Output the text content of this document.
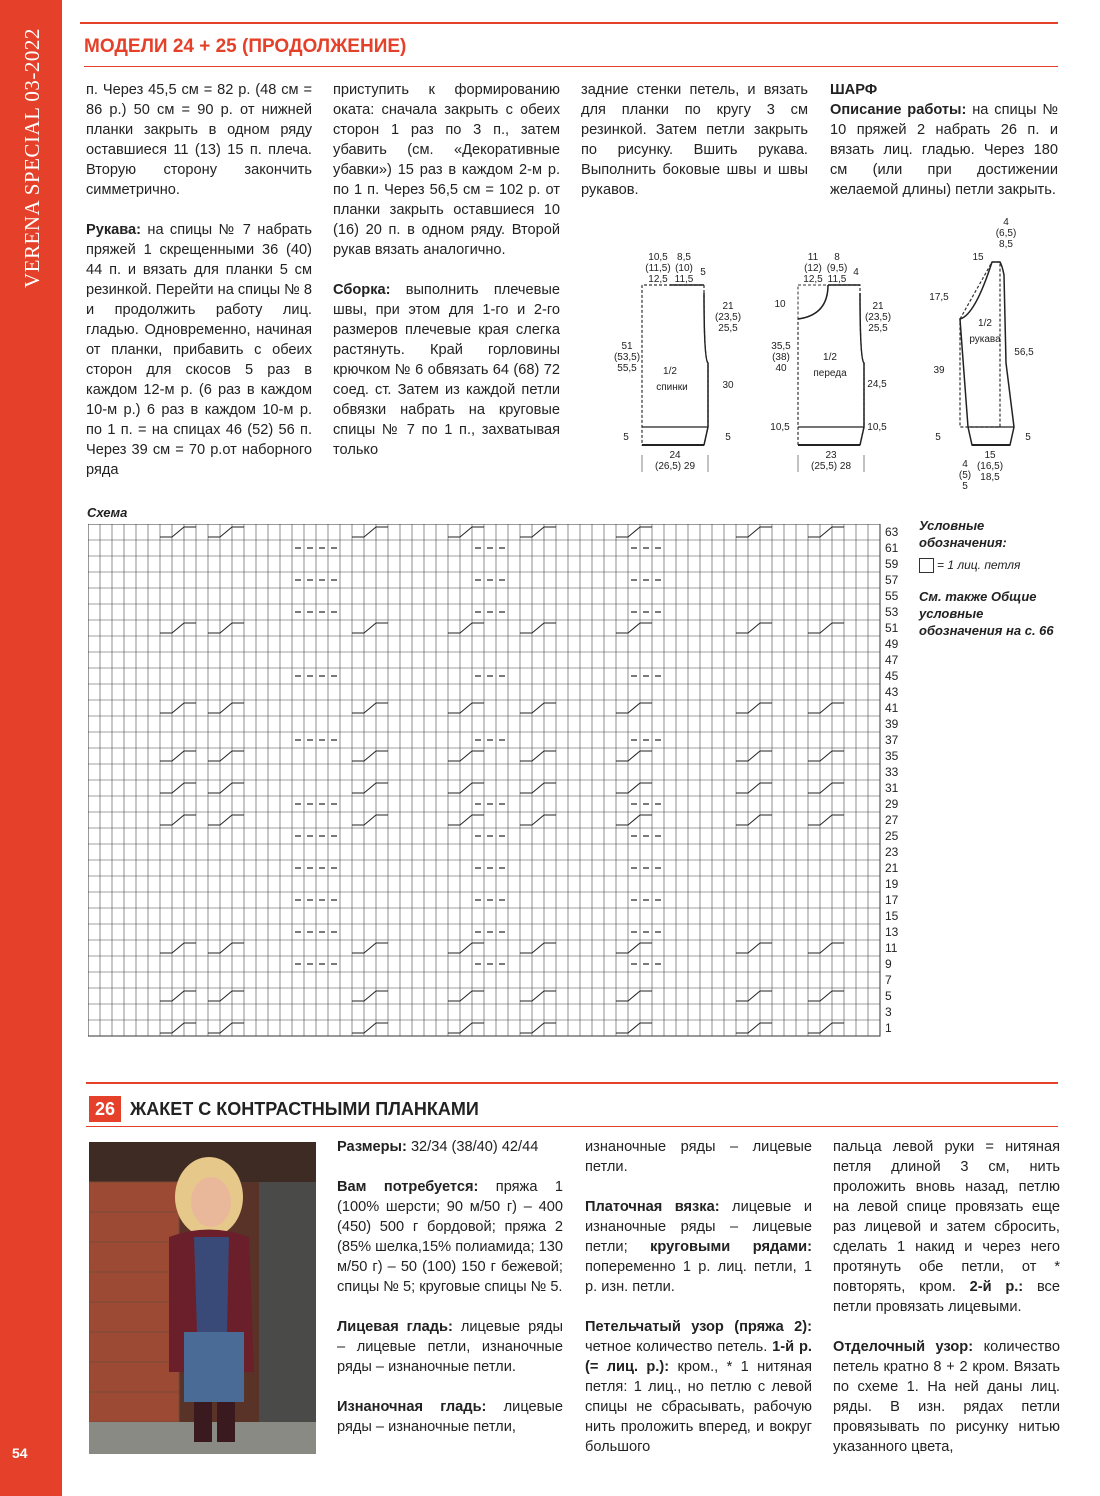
VERENA SPECIAL 03-2022
54
МОДЕЛИ 24 + 25 (ПРОДОЛЖЕНИЕ)

п. Через 45,5 см = 82 р. (48 см = 86 р.) 50 см = 90 р. от нижней планки закрыть в одном ряду оставшиеся 11 (13) 15 п. плеча. Вторую сторону закончить симметрично.

Рукава: на спицы № 7 набрать пряжей 1 скрещенными 36 (40) 44 п. и вязать для планки 5 см резинкой. Перейти на спицы № 8 и продолжить работу лиц. гладью. Одновременно, начиная от планки, прибавить с обеих сторон для скосов 5 раз в каждом 12-м р. (6 раз в каждом 10-м р.) 6 раз в каждом 10-м р. по 1 п. = на спицах 46 (52) 56 п. Через 39 см = 70 р.от наборного ряда

приступить к формированию оката: сначала закрыть с обеих сторон 1 раз по 3 п., затем убавить (см. «Декоративные убавки») 15 раз в каждом 2-м р. по 1 п. Через 56,5 см = 102 р. от планки закрыть оставшиеся 10 (16) 20 п. в одном ряду. Второй рукав вязать аналогично.

Сборка: выполнить плечевые швы, при этом для 1-го и 2-го размеров плечевые края слегка растянуть. Край горловины крючком № 6 обвязать 64 (68) 72 соед. ст. Затем из каждой петли обвязки набрать на круговые спицы № 7 по 1 п., захватывая только

задние стенки петель, и вязать для планки по кругу 3 см резинкой. Затем петли закрыть по рисунку. Вшить рукава. Выполнить боковые швы и швы рукавов.

ШАРФ

Описание работы: на спицы № 10 пряжей 2 набрать 26 п. и вязать лиц. гладью. Через 180 см (или при достижении желаемой длины) петли закрыть.

1/2
спинки
10,5
(11,5)
12,5
8,5
(10)
11,5
5
21
(23,5)
25,5
51
(53,5)
55,5
30
5	5
24
(26,5) 29
1/2
переда
11
(12)
12,5
8
(9,5)
11,5
4
10	21
(23,5)
25,5
35,5
(38)
40
24,5
10,5	10,5
23
(25,5) 28
1/2
рукава
4
(6,5)
8,5
15
17,5
39
56,5
5	5
15
(16,5)
18,5
4
(5)
5
Схема
63
61
59
57
55
53
51
49
47
45
43
41
39
37
35
33
31
29
27
25
23
21
19
17
15
13
11
9
7
5
3
1
Условные обозначения:
= 1 лиц. петля
См. также Общие условные обозначения на с. 66
26 ЖАКЕТ С КОНТРАСТНЫМИ ПЛАНКАМИ

Размеры: 32/34 (38/40) 42/44

Вам потребуется: пряжа 1 (100% шерсти; 90 м/50 г) – 400 (450) 500 г бордовой; пряжа 2 (85% шелка,15% полиамида; 130 м/50 г) – 50 (100) 150 г бежевой; спицы № 5; круговые спицы № 5.

Лицевая гладь: лицевые ряды – лицевые петли, изнаночные ряды – изнаночные петли.

Изнаночная гладь: лицевые ряды – изнаночные петли,

изнаночные ряды – лицевые петли.

Платочная вязка: лицевые и изнаночные ряды – лицевые петли; круговыми рядами: попеременно 1 р. лиц. петли, 1 р. изн. петли.

Петельчатый узор (пряжа 2): четное количество петель. 1-й р. (= лиц. р.): кром., * 1 нитяная петля: 1 лиц., но петлю с левой спицы не сбрасывать, рабочую нить проложить вперед, и вокруг большого

пальца левой руки = нитяная петля длиной 3 см, нить проложить вновь назад, петлю на левой спице провязать еще раз лицевой и затем сбросить, сделать 1 накид и через него протянуть обе петли, от * повторять, кром. 2-й р.: все петли провязать лицевыми.

Отделочный узор: количество петель кратно 8 + 2 кром. Вязать по схеме 1. На ней даны лиц. ряды. В изн. рядах петли провязывать по рисунку нитью указанного цвета,
